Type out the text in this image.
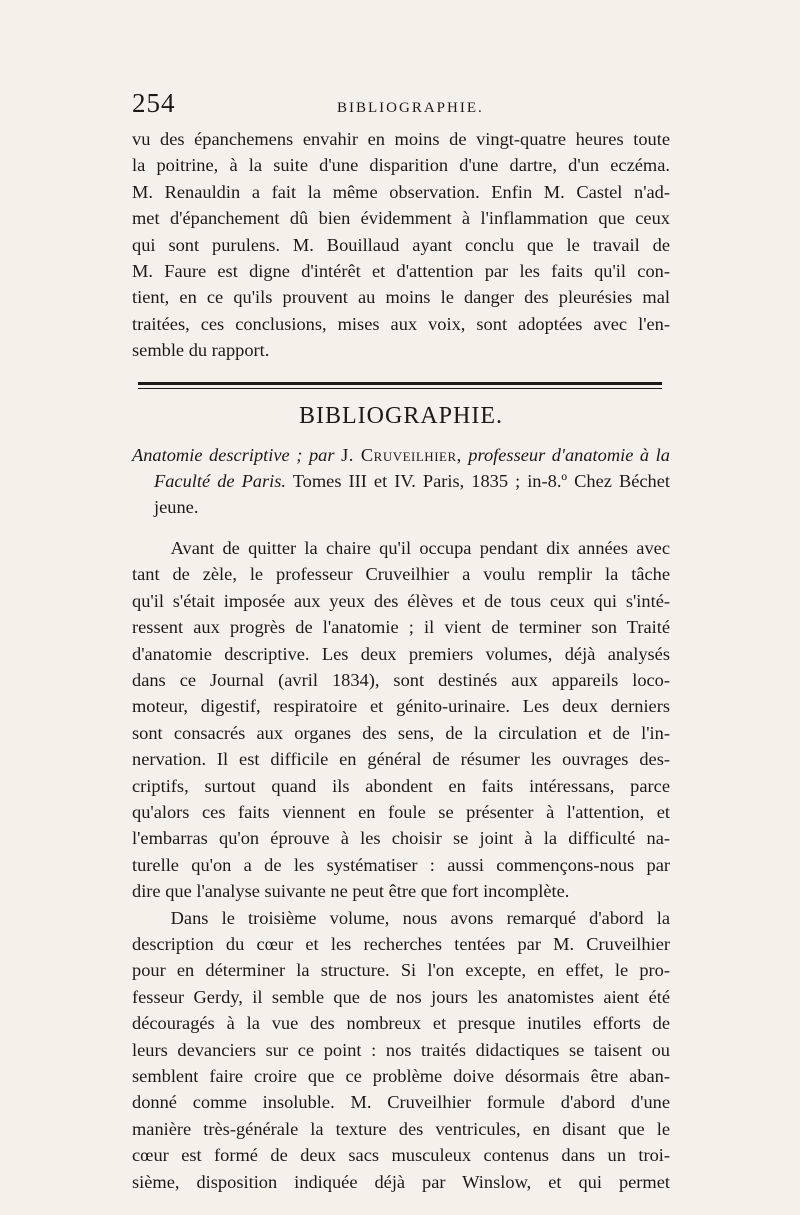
254	BIBLIOGRAPHIE.

vu des épanchemens envahir en moins de vingt-quatre heures toute

la poitrine, à la suite d'une disparition d'une dartre, d'un eczéma.

M. Renauldin a fait la même observation. Enfin M. Castel n'ad-

met d'épanchement dû bien évidemment à l'inflammation que ceux

qui sont purulens. M. Bouillaud ayant conclu que le travail de

M. Faure est digne d'intérêt et d'attention par les faits qu'il con-

tient, en ce qu'ils prouvent au moins le danger des pleurésies mal

traitées, ces conclusions, mises aux voix, sont adoptées avec l'en-

semble du rapport.

BIBLIOGRAPHIE.

Anatomie descriptive ; par J. Cruveilhier, professeur d'anatomie à la Faculté de Paris. Tomes III et IV. Paris, 1835 ; in-8.º Chez Béchet jeune.

Avant de quitter la chaire qu'il occupa pendant dix années avec

tant de zèle, le professeur Cruveilhier a voulu remplir la tâche

qu'il s'était imposée aux yeux des élèves et de tous ceux qui s'inté-

ressent aux progrès de l'anatomie ; il vient de terminer son Traité

d'anatomie descriptive. Les deux premiers volumes, déjà analysés

dans ce Journal (avril 1834), sont destinés aux appareils loco-

moteur, digestif, respiratoire et génito-urinaire. Les deux derniers

sont consacrés aux organes des sens, de la circulation et de l'in-

nervation. Il est difficile en général de résumer les ouvrages des-

criptifs, surtout quand ils abondent en faits intéressans, parce

qu'alors ces faits viennent en foule se présenter à l'attention, et

l'embarras qu'on éprouve à les choisir se joint à la difficulté na-

turelle qu'on a de les systématiser : aussi commençons-nous par

dire que l'analyse suivante ne peut être que fort incomplète.

Dans le troisième volume, nous avons remarqué d'abord la

description du cœur et les recherches tentées par M. Cruveilhier

pour en déterminer la structure. Si l'on excepte, en effet, le pro-

fesseur Gerdy, il semble que de nos jours les anatomistes aient été

découragés à la vue des nombreux et presque inutiles efforts de

leurs devanciers sur ce point : nos traités didactiques se taisent ou

semblent faire croire que ce problème doive désormais être aban-

donné comme insoluble. M. Cruveilhier formule d'abord d'une

manière très-générale la texture des ventricules, en disant que le

cœur est formé de deux sacs musculeux contenus dans un troi-

sième, disposition indiquée déjà par Winslow, et qui permet
